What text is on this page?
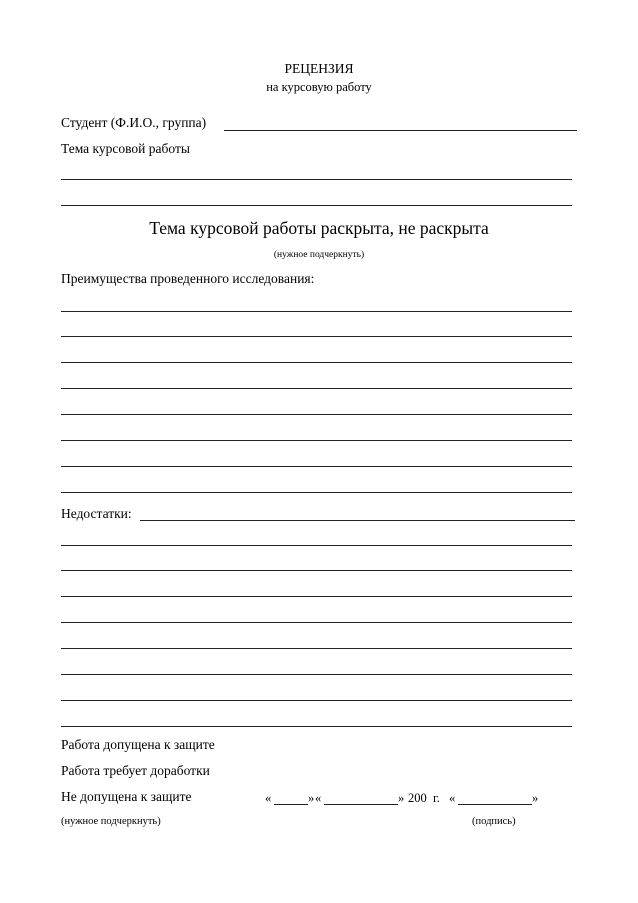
РЕЦЕНЗИЯ
на курсовую работу
Студент (Ф.И.О., группа)
Тема курсовой работы
Тема курсовой работы раскрыта, не раскрыта
(нужное подчеркнуть)
Преимущества проведенного исследования:
Недостатки:
Работа допущена к защите
Работа требует доработки
Не допущена к защите	«	» «	» 200 г. «	»
(нужное подчеркнуть)	(подпись)
